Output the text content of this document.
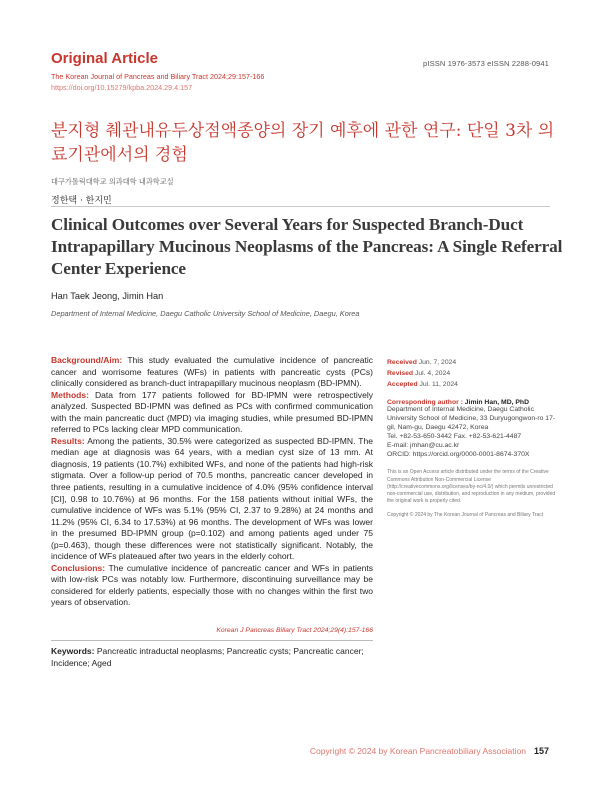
Original Article
The Korean Journal of Pancreas and Biliary Tract 2024;29:157-166
https://doi.org/10.15279/kpba.2024.29.4.157
pISSN 1976-3573 eISSN 2288-0941
분지형 췌관내유두상점액종양의 장기 예후에 관한 연구: 단일 3차 의료기관에서의 경험
대구가톨릭대학교 의과대학 내과학교실
정한택 · 한지민
Clinical Outcomes over Several Years for Suspected Branch-Duct Intrapapillary Mucinous Neoplasms of the Pancreas: A Single Referral Center Experience
Han Taek Jeong, Jimin Han
Department of Internal Medicine, Daegu Catholic University School of Medicine, Daegu, Korea

Background/Aim: This study evaluated the cumulative incidence of pancreatic cancer and worrisome features (WFs) in patients with pancreatic cysts (PCs) clinically considered as branch-duct intrapapillary mucinous neoplasm (BD-IPMN).

Methods: Data from 177 patients followed for BD-IPMN were retrospectively analyzed. Suspected BD-IPMN was defined as PCs with confirmed communication with the main pancreatic duct (MPD) via imaging studies, while presumed BD-IPMN referred to PCs lacking clear MPD communication.

Results: Among the patients, 30.5% were categorized as suspected BD-IPMN. The median age at diagnosis was 64 years, with a median cyst size of 13 mm. At diagnosis, 19 patients (10.7%) exhibited WFs, and none of the patients had high-risk stigmata. Over a follow-up period of 70.5 months, pancreatic cancer developed in three patients, resulting in a cumulative incidence of 4.0% (95% confidence interval [CI], 0.98 to 10.76%) at 96 months. For the 158 patients without initial WFs, the cumulative incidence of WFs was 5.1% (95% CI, 2.37 to 9.28%) at 24 months and 11.2% (95% CI, 6.34 to 17.53%) at 96 months. The development of WFs was lower in the presumed BD-IPMN group (p=0.102) and among patients aged under 75 (p=0.463), though these differences were not statistically significant. Notably, the incidence of WFs plateaued after two years in the elderly cohort.

Conclusions: The cumulative incidence of pancreatic cancer and WFs in patients with low-risk PCs was notably low. Furthermore, discontinuing surveillance may be considered for elderly patients, especially those with no changes within the first two years of observation.

Korean J Pancreas Biliary Tract 2024;29(4):157-166
Keywords: Pancreatic intraductal neoplasms; Pancreatic cysts; Pancreatic cancer; Incidence; Aged
Received Jun. 7, 2024
Revised Jul. 4, 2024
Accepted Jul. 11, 2024
Corresponding author : Jimin Han, MD, PhD
Department of Internal Medicine, Daegu Catholic University School of Medicine, 33 Duryugongwon-ro 17-gil, Nam-gu, Daegu 42472, Korea
Tel. +82-53-650-3442 Fax. +82-53-621-4487
E-mail: jmhan@cu.ac.kr
ORCID: https://orcid.org/0000-0001-8674-370X
This is an Open Access article distributed under the terms of the Creative Commons Attribution Non-Commercial License (http://creativecommons.org/licenses/by-nc/4.0/) which permits unrestricted non-commercial use, distribution, and reproduction in any medium, provided the original work is properly cited.
Copyright © 2024 by The Korean Journal of Pancreas and Biliary Tract
Copyright © 2024 by Korean Pancreatobiliary Association 157
